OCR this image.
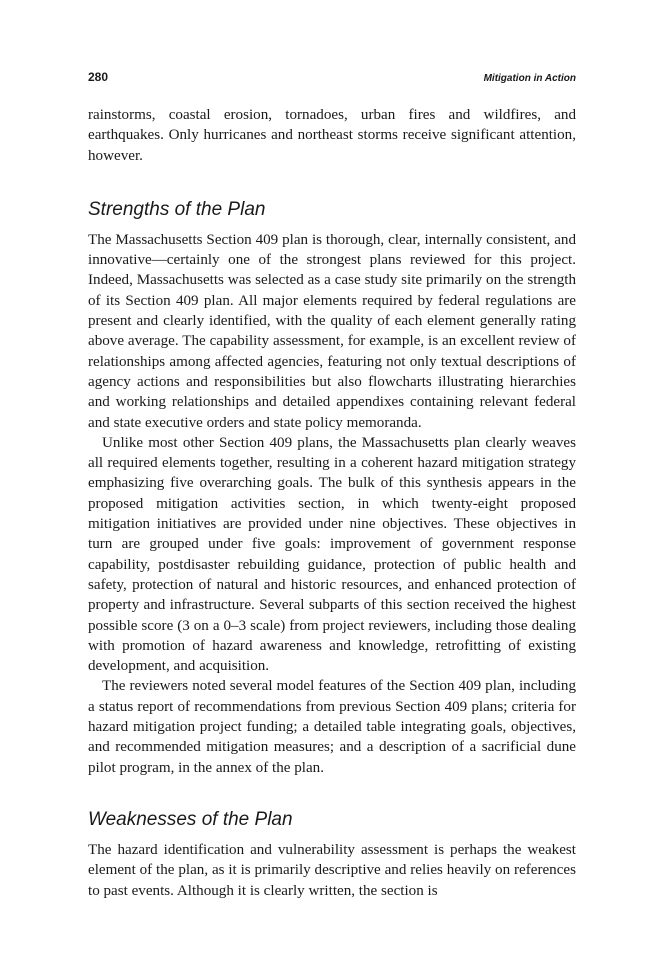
280	Mitigation in Action

rainstorms, coastal erosion, tornadoes, urban fires and wildfires, and earthquakes. Only hurricanes and northeast storms receive significant attention, however.

Strengths of the Plan

The Massachusetts Section 409 plan is thorough, clear, internally consistent, and innovative—certainly one of the strongest plans reviewed for this project. Indeed, Massachusetts was selected as a case study site primarily on the strength of its Section 409 plan. All major elements required by federal regulations are present and clearly identified, with the quality of each element generally rating above average. The capability assessment, for example, is an excellent review of relationships among affected agencies, featuring not only textual descriptions of agency actions and responsibilities but also flowcharts illustrating hierarchies and working relationships and detailed appendixes containing relevant federal and state executive orders and state policy memoranda.

Unlike most other Section 409 plans, the Massachusetts plan clearly weaves all required elements together, resulting in a coherent hazard mitigation strategy emphasizing five overarching goals. The bulk of this synthesis appears in the proposed mitigation activities section, in which twenty-eight proposed mitigation initiatives are provided under nine objectives. These objectives in turn are grouped under five goals: improvement of government response capability, postdisaster rebuilding guidance, protection of public health and safety, protection of natural and historic resources, and enhanced protection of property and infrastructure. Several subparts of this section received the highest possible score (3 on a 0–3 scale) from project reviewers, including those dealing with promotion of hazard awareness and knowledge, retrofitting of existing development, and acquisition.

The reviewers noted several model features of the Section 409 plan, including a status report of recommendations from previous Section 409 plans; criteria for hazard mitigation project funding; a detailed table integrating goals, objectives, and recommended mitigation measures; and a description of a sacrificial dune pilot program, in the annex of the plan.

Weaknesses of the Plan

The hazard identification and vulnerability assessment is perhaps the weakest element of the plan, as it is primarily descriptive and relies heavily on references to past events. Although it is clearly written, the section is
